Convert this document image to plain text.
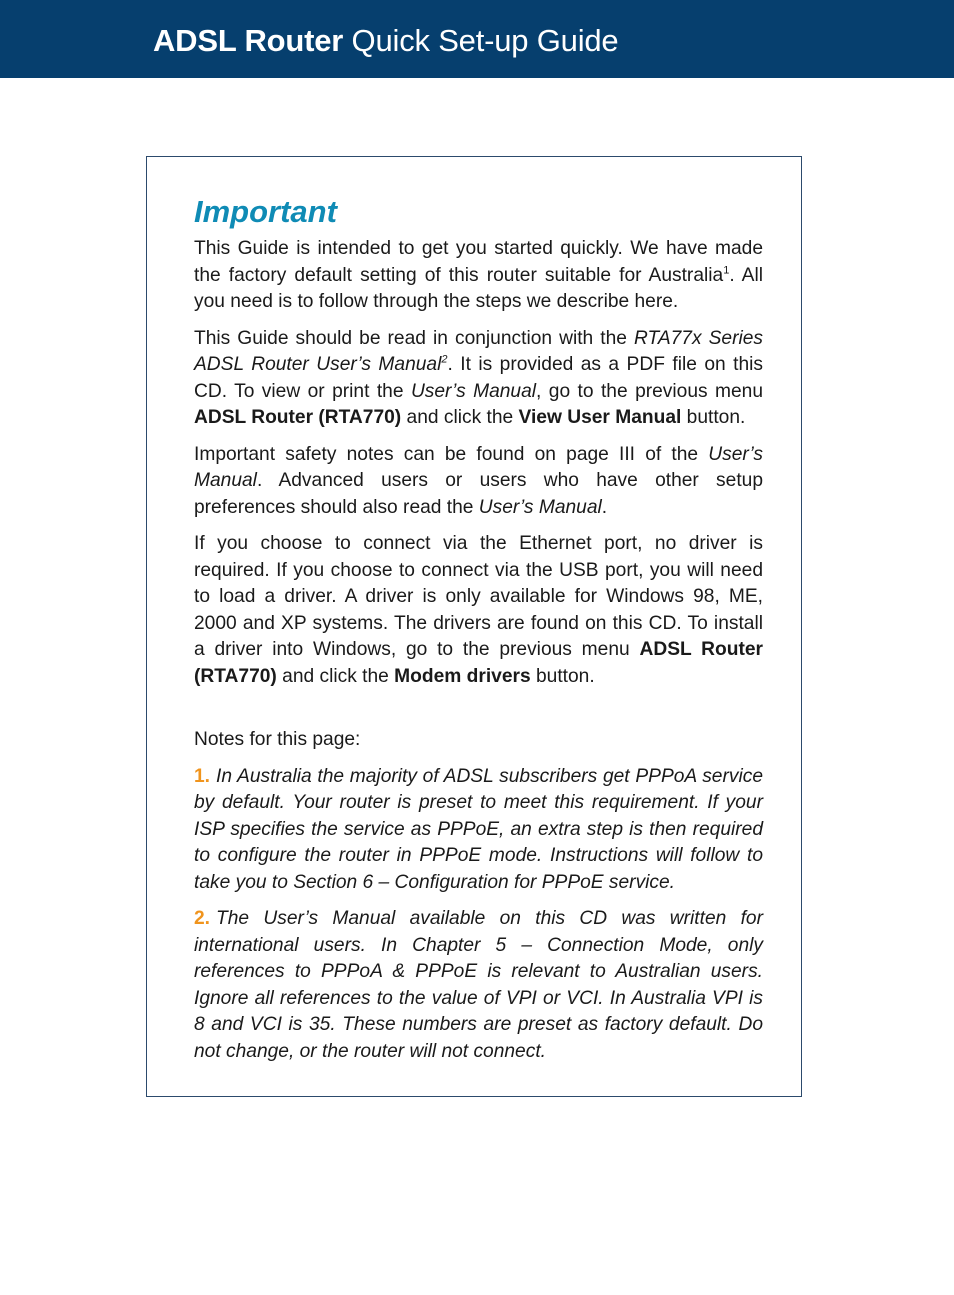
ADSL Router Quick Set-up Guide
Important

This Guide is intended to get you started quickly. We have made the factory default setting of this router suitable for Australia$^1$. All you need is to follow through the steps we describe here.

This Guide should be read in conjunction with the RTA77x Series ADSL Router User’s Manual$^2$. It is provided as a PDF file on this CD. To view or print the User’s Manual, go to the previous menu ADSL Router (RTA770) and click the View User Manual button.

Important safety notes can be found on page III of the User’s Manual. Advanced users or users who have other setup preferences should also read the User’s Manual.

If you choose to connect via the Ethernet port, no driver is required. If you choose to connect via the USB port, you will need to load a driver. A driver is only available for Windows 98, ME, 2000 and XP systems. The drivers are found on this CD. To install a driver into Windows, go to the previous menu ADSL Router (RTA770) and click the Modem drivers button.

Notes for this page:

1. In Australia the majority of ADSL subscribers get PPPoA service by default. Your router is preset to meet this requirement. If your ISP specifies the service as PPPoE, an extra step is then required to configure the router in PPPoE mode. Instructions will follow to take you to Section 6 – Configuration for PPPoE service.

2. The User’s Manual available on this CD was written for international users. In Chapter 5 – Connection Mode, only references to PPPoA & PPPoE is relevant to Australian users. Ignore all references to the value of VPI or VCI. In Australia VPI is 8 and VCI is 35. These numbers are preset as factory default. Do not change, or the router will not connect.
